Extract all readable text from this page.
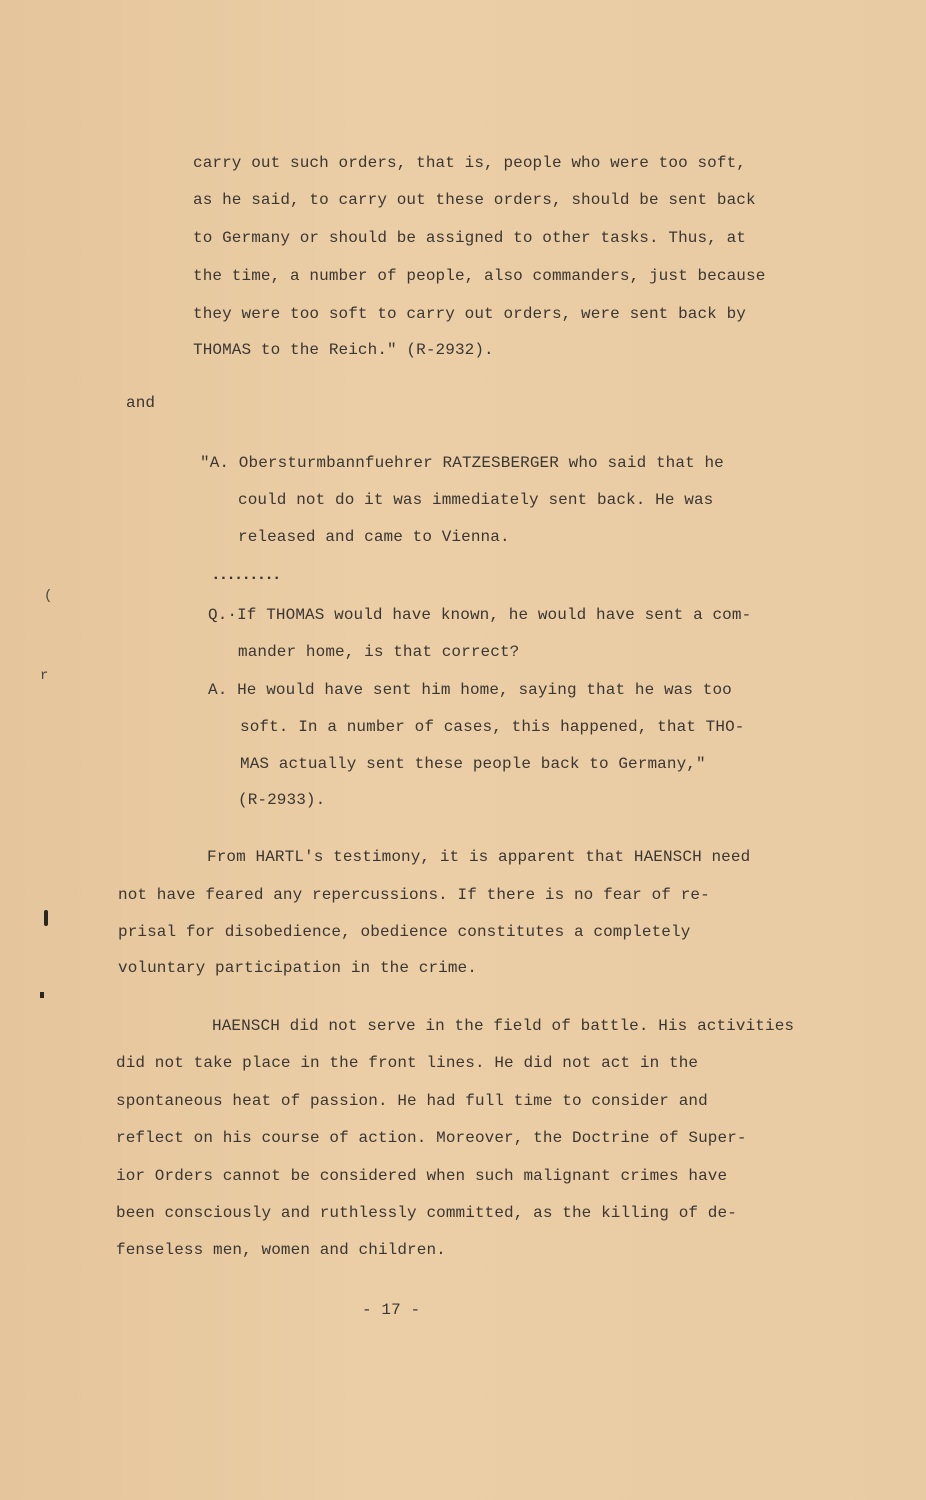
carry out such orders, that is, people who were too soft,
as he said, to carry out these orders, should be sent back
to Germany or should be assigned to other tasks. Thus, at
the time, a number of people, also commanders, just because
they were too soft to carry out orders, were sent back by
THOMAS to the Reich." (R-2932).
and
"A. Obersturmbannfuehrer RATZESBERGER who said that he
could not do it was immediately sent back. He was
released and came to Vienna.
.........
Q.·If THOMAS would have known, he would have sent a com-
mander home, is that correct?
A. He would have sent him home, saying that he was too
soft. In a number of cases, this happened, that THO-
MAS actually sent these people back to Germany,"
(R-2933).
From HARTL's testimony, it is apparent that HAENSCH need
not have feared any repercussions. If there is no fear of re-
prisal for disobedience, obedience constitutes a completely
voluntary participation in the crime.
HAENSCH did not serve in the field of battle. His activities
did not take place in the front lines. He did not act in the
spontaneous heat of passion. He had full time to consider and
reflect on his course of action. Moreover, the Doctrine of Super-
ior Orders cannot be considered when such malignant crimes have
been consciously and ruthlessly committed, as the killing of de-
fenseless men, women and children.
- 17 -
(
r
